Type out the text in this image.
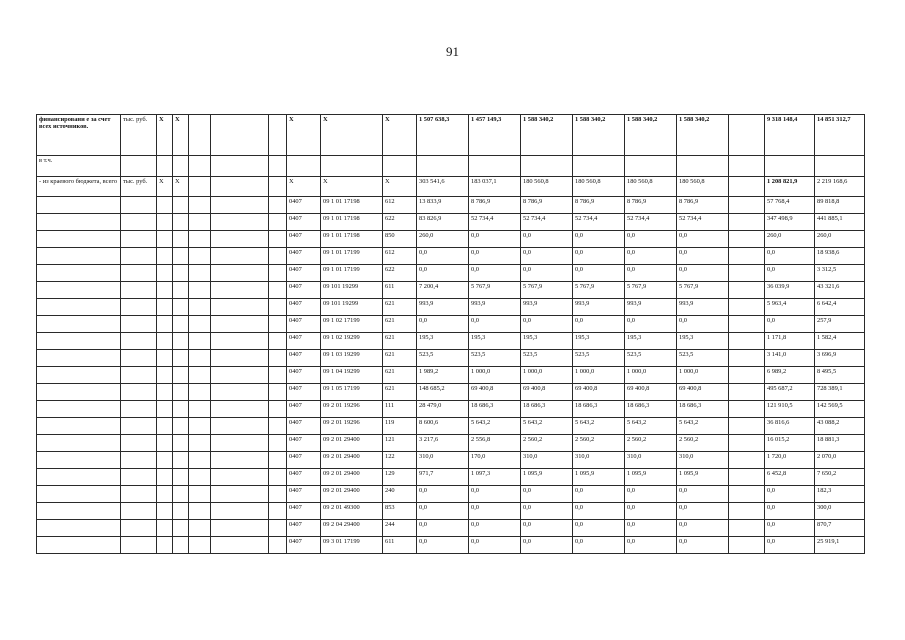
91
финансировани е за счет всех источников.	тыс. руб.	X	X				X	X	X	1 507 638,3	1 457 149,3	1 588 340,2	1 588 340,2	1 588 340,2	1 588 340,2		9 318 148,4	14 851 312,7
в т.ч.																		
- из краевого бюджета, всего	тыс. руб.	X	X				X	X	X	303 541,6	183 037,1	180 560,8	180 560,8	180 560,8	180 560,8		1 208 821,9	2 219 168,6
							0407	09 1 01 17198	612	13 833,9	8 786,9	8 786,9	8 786,9	8 786,9	8 786,9		57 768,4	89 818,8
							0407	09 1 01 17198	622	83 826,9	52 734,4	52 734,4	52 734,4	52 734,4	52 734,4		347 498,9	441 885,1
							0407	09 1 01 17198	850	260,0	0,0	0,0	0,0	0,0	0,0		260,0	260,0
							0407	09 1 01 17199	612	0,0	0,0	0,0	0,0	0,0	0,0		0,0	18 938,6
							0407	09 1 01 17199	622	0,0	0,0	0,0	0,0	0,0	0,0		0,0	3 312,5
							0407	09 101 19299	611	7 200,4	5 767,9	5 767,9	5 767,9	5 767,9	5 767,9		36 039,9	43 321,6
							0407	09 101 19299	621	993,9	993,9	993,9	993,9	993,9	993,9		5 963,4	6 642,4
							0407	09 1 02 17199	621	0,0	0,0	0,0	0,0	0,0	0,0		0,0	257,9
							0407	09 1 02 19299	621	195,3	195,3	195,3	195,3	195,3	195,3		1 171,8	1 582,4
							0407	09 1 03 19299	621	523,5	523,5	523,5	523,5	523,5	523,5		3 141,0	3 696,9
							0407	09 1 04 19299	621	1 989,2	1 000,0	1 000,0	1 000,0	1 000,0	1 000,0		6 989,2	8 495,5
							0407	09 1 05 17199	621	148 685,2	69 400,8	69 400,8	69 400,8	69 400,8	69 400,8		495 687,2	728 389,1
							0407	09 2 01 19296	111	28 479,0	18 686,3	18 686,3	18 686,3	18 686,3	18 686,3		121 910,5	142 569,5
							0407	09 2 01 19296	119	8 600,6	5 643,2	5 643,2	5 643,2	5 643,2	5 643,2		36 816,6	43 088,2
							0407	09 2 01 29400	121	3 217,6	2 556,8	2 560,2	2 560,2	2 560,2	2 560,2		16 015,2	18 881,3
							0407	09 2 01 29400	122	310,0	170,0	310,0	310,0	310,0	310,0		1 720,0	2 070,0
							0407	09 2 01 29400	129	971,7	1 097,3	1 095,9	1 095,9	1 095,9	1 095,9		6 452,8	7 650,2
							0407	09 2 01 29400	240	0,0	0,0	0,0	0,0	0,0	0,0		0,0	182,3
							0407	09 2 01 49300	853	0,0	0,0	0,0	0,0	0,0	0,0		0,0	300,0
							0407	09 2 04 29400	244	0,0	0,0	0,0	0,0	0,0	0,0		0,0	870,7
							0407	09 3 01 17199	611	0,0	0,0	0,0	0,0	0,0	0,0		0,0	25 919,1
